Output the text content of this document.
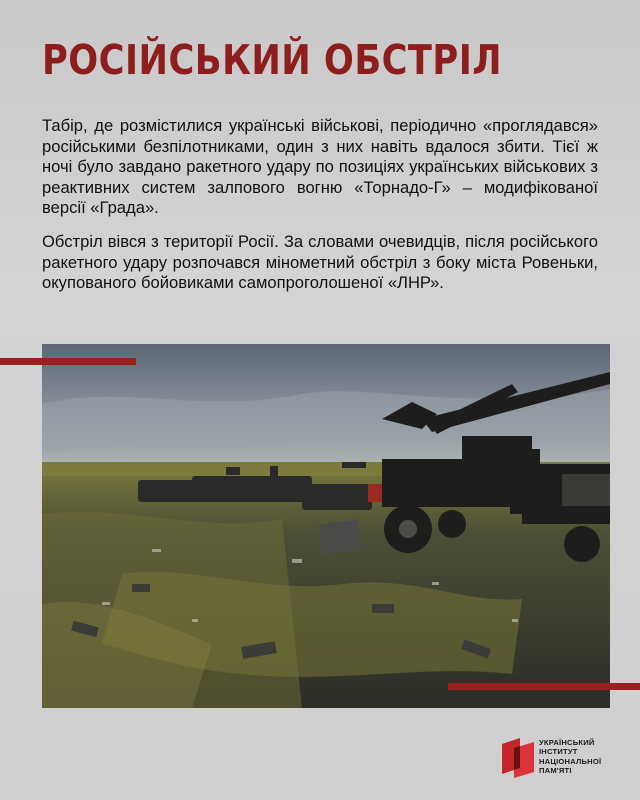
РОСІЙСЬКИЙ ОБСТРІЛ

Табір, де розмістилися українські військові, періодично «проглядався» російськими безпілотниками, один з них навіть вдалося збити. Тієї ж ночі було завдано ракетного удару по позиціях українських військових з реактивних систем залпового вогню «Торнадо-Г» – модифікованої версії «Града».

Обстріл вівся з території Росії. За словами очевидців, після російського ракетного удару розпочався мінометний обстріл з боку міста Ровеньки, окупованого бойовиками самопроголошеної «ЛНР».

УКРАЇНСЬКИЙ
ІНСТИТУТ
НАЦІОНАЛЬНОЇ
ПАМ'ЯТІ
